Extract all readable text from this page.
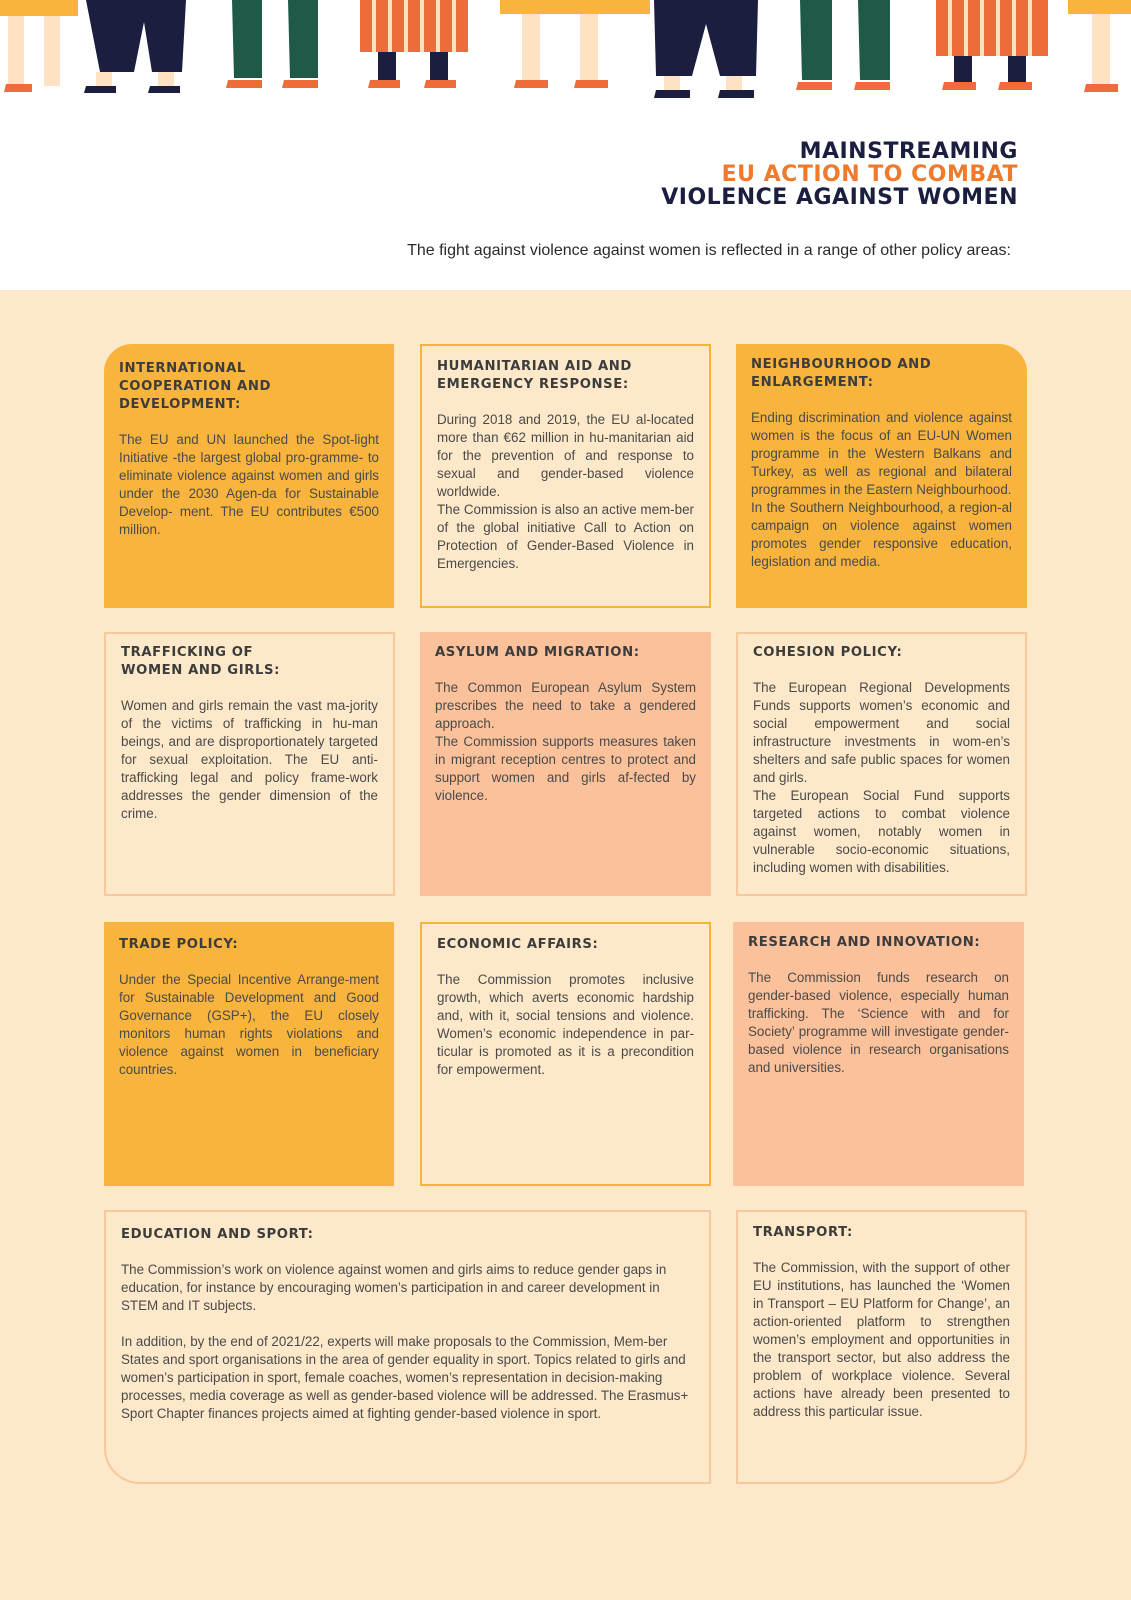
MAINSTREAMING
EU ACTION TO COMBAT
VIOLENCE AGAINST WOMEN
The fight against violence against women is reflected in a range of other policy areas:
INTERNATIONAL COOPERATION AND DEVELOPMENT:

The EU and UN launched the Spot-light Initiative -the largest global pro-gramme- to eliminate violence against women and girls under the 2030 Agen-da for Sustainable Develop- ment. The EU contributes €500 million.

HUMANITARIAN AID AND EMERGENCY RESPONSE:

During 2018 and 2019, the EU al-located more than €62 million in hu-manitarian aid for the prevention of and response to sexual and gender-based violence worldwide.

The Commission is also an active mem-ber of the global initiative Call to Action on Protection of Gender-Based Violence in Emergencies.

NEIGHBOURHOOD AND ENLARGEMENT:

Ending discrimination and violence against women is the focus of an EU-UN Women programme in the Western Balkans and Turkey, as well as regional and bilateral programmes in the Eastern Neighbourhood.

In the Southern Neighbourhood, a region-al campaign on violence against women promotes gender responsive education, legislation and media.

TRAFFICKING OF WOMEN AND GIRLS:

Women and girls remain the vast ma-jority of the victims of trafficking in hu-man beings, and are disproportionately targeted for sexual exploitation. The EU anti-trafficking legal and policy frame-work addresses the gender dimension of the crime.

ASYLUM AND MIGRATION:

The Common European Asylum System prescribes the need to take a gendered approach.

The Commission supports measures taken in migrant reception centres to protect and support women and girls af-fected by violence.

COHESION POLICY:

The European Regional Developments Funds supports women’s economic and social empowerment and social infrastructure investments in wom-en’s shelters and safe public spaces for women and girls.

The European Social Fund supports targeted actions to combat violence against women, notably women in vulnerable socio-economic situations, including women with disabilities.

TRADE POLICY:

Under the Special Incentive Arrange-ment for Sustainable Development and Good Governance (GSP+), the EU closely monitors human rights violations and violence against women in beneficiary countries.

ECONOMIC AFFAIRS:

The Commission promotes inclusive growth, which averts economic hardship and, with it, social tensions and violence. Women’s economic independence in par-ticular is promoted as it is a precondition for empowerment.

RESEARCH AND INNOVATION:

The Commission funds research on gender-based violence, especially human trafficking. The ‘Science with and for Society’ programme will investigate gender-based violence in research organisations and universities.

EDUCATION AND SPORT:

The Commission’s work on violence against women and girls aims to reduce gender gaps in education, for instance by encouraging women’s participation in and career development in STEM and IT subjects.

In addition, by the end of 2021/22, experts will make proposals to the Commission, Mem-ber States and sport organisations in the area of gender equality in sport. Topics related to girls and women’s participation in sport, female coaches, women’s representation in decision-making processes, media coverage as well as gender-based violence will be addressed. The Erasmus+ Sport Chapter finances projects aimed at fighting gender-based violence in sport.

TRANSPORT:

The Commission, with the support of other EU institutions, has launched the ‘Women in Transport – EU Platform for Change’, an action-oriented platform to strengthen women’s employment and opportunities in the transport sector, but also address the problem of workplace violence. Several actions have already been presented to address this particular issue.
